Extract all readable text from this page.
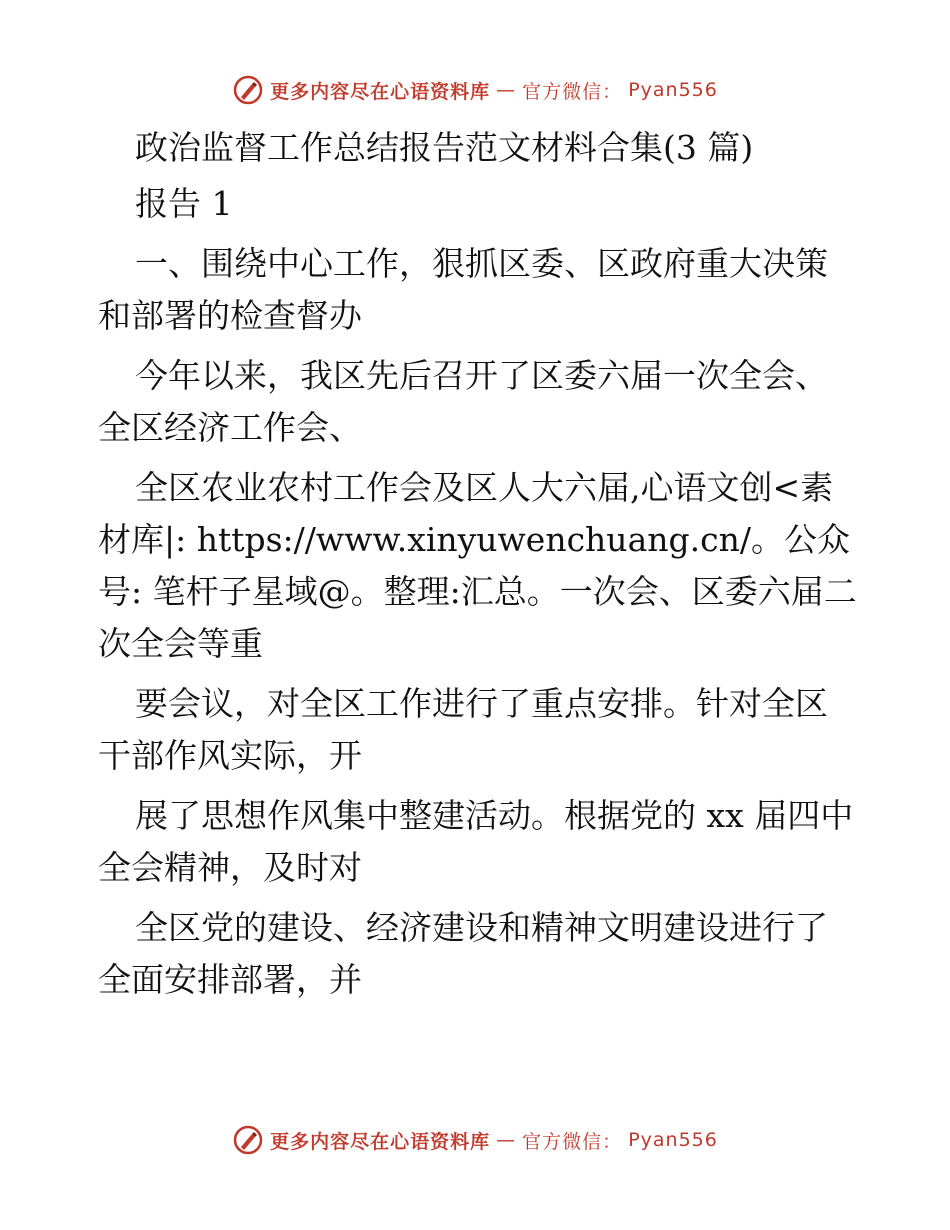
更多内容尽在心语资料库 — 官方微信： Pyan556

政治监督工作总结报告范文材料合集(3 篇)

报告 1

一、围绕中心工作，狠抓区委、区政府重大决策和部署的检查督办

今年以来，我区先后召开了区委六届一次全会、全区经济工作会、

全区农业农村工作会及区人大六届,心语文创<素材库|: https://www.xinyuwenchuang.cn/。公众号: 笔杆子星域@。整理:汇总。一次会、区委六届二次全会等重

要会议，对全区工作进行了重点安排。针对全区干部作风实际，开

展了思想作风集中整建活动。根据党的 xx 届四中全会精神，及时对

全区党的建设、经济建设和精神文明建设进行了全面安排部署，并

更多内容尽在心语资料库 — 官方微信： Pyan556
